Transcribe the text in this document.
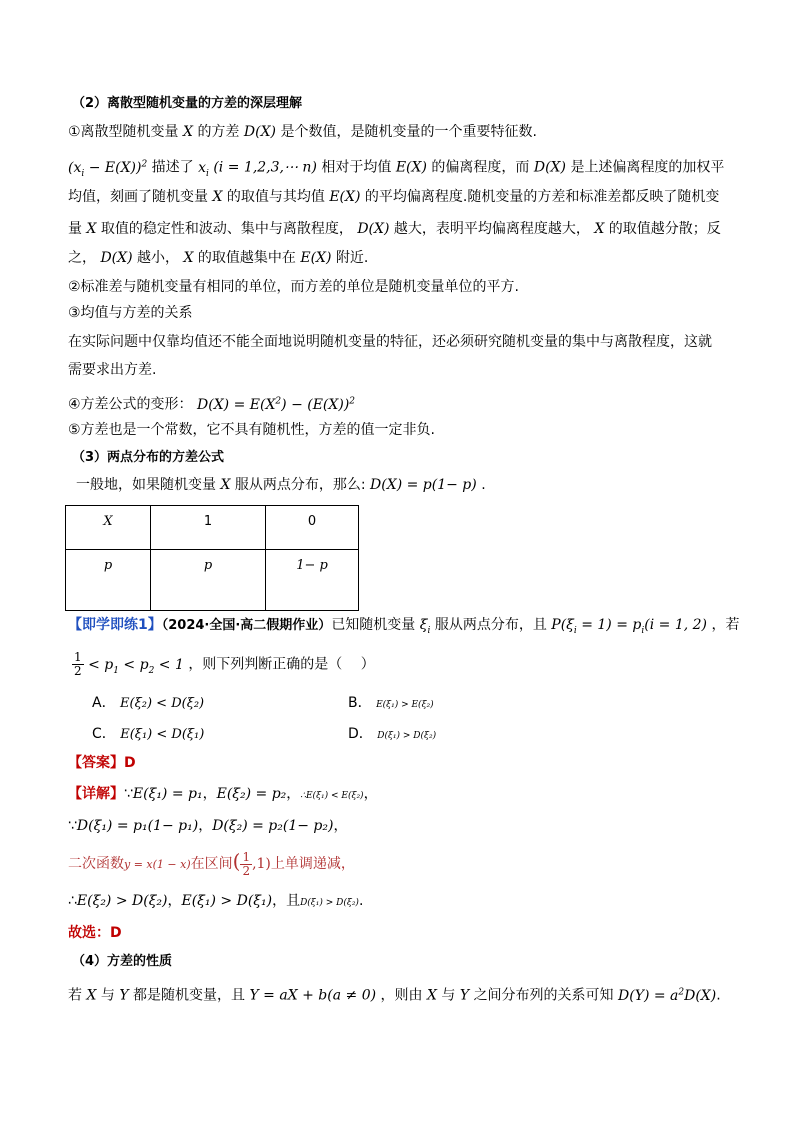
（2）离散型随机变量的方差的深层理解
①离散型随机变量 X 的方差 D(X) 是个数值，是随机变量的一个重要特征数.
$(x_i - E(X))^2$ 描述了 $x_i$ (i = 1,2,3,⋯ n) 相对于均值 E(X) 的偏离程度，而 D(X) 是上述偏离程度的加权平
均值，刻画了随机变量 X 的取值与其均值 E(X) 的平均偏离程度.随机变量的方差和标准差都反映了随机变
量 X 取值的稳定性和波动、集中与离散程度， D(X) 越大，表明平均偏离程度越大， X 的取值越分散；反
之， D(X) 越小， X 的取值越集中在 E(X) 附近.
②标准差与随机变量有相同的单位，而方差的单位是随机变量单位的平方.
③均值与方差的关系
在实际问题中仅靠均值还不能全面地说明随机变量的特征，还必须研究随机变量的集中与离散程度，这就
需要求出方差.
④方差公式的变形： $D(X) = E(X^2) - (E(X))^2$
⑤方差也是一个常数，它不具有随机性，方差的值一定非负.
（3）两点分布的方差公式
一般地，如果随机变量 X 服从两点分布，那么: D(X) = p(1− p) .
X	1	0
p	p	1− p
【即学即练1】（2024·全国·高二假期作业）已知随机变量 $\xi_i$ 服从两点分布，且 $P(\xi_i = 1) = p_i(i = 1$, 2) ，若
$\frac{1}{2} < p_1 < p_2 < 1$ ，则下列判断正确的是（　 ）
A． E(ξ₂) < D(ξ₂)	B． E(ξ₁) > E(ξ₂)
C． E(ξ₁) < D(ξ₁)	D． D(ξ₁) > D(ξ₂)
【答案】D
【详解】∵E(ξ₁) = p₁，E(ξ₂) = p₂，∴E(ξ₁) < E(ξ₂)，
∵D(ξ₁) = p₁(1− p₁)，D(ξ₂) = p₂(1− p₂)，
二次函数y = x(1 − x)在区间( $\frac{1}{2} ,1$)上单调递减，
∴E(ξ₂) > D(ξ₂)，E(ξ₁) > D(ξ₁)，且D(ξ₁) > D(ξ₂).
故选：D
（4）方差的性质
若 X 与 Y 都是随机变量，且 Y = aX + b(a ≠ 0) ，则由 X 与 Y 之间分布列的关系可知 $D(Y) = a^2D(X)$.
